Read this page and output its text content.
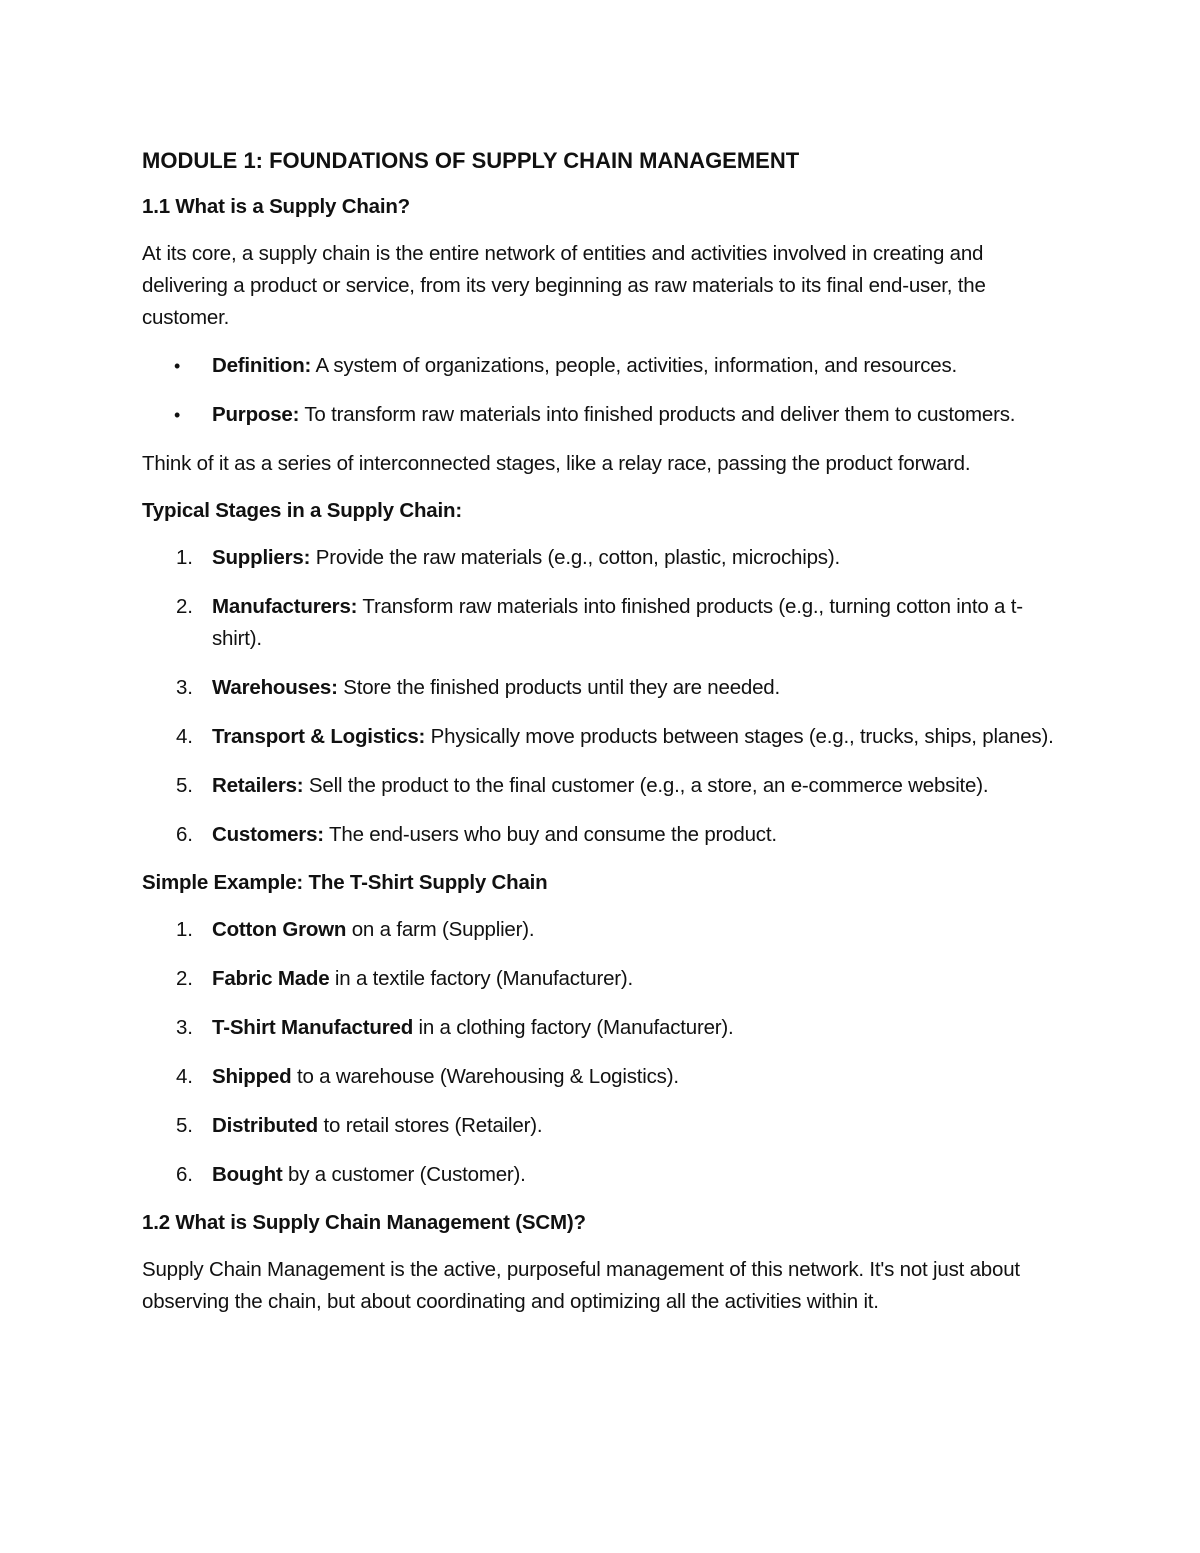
MODULE 1: FOUNDATIONS OF SUPPLY CHAIN MANAGEMENT
1.1 What is a Supply Chain?

At its core, a supply chain is the entire network of entities and activities involved in creating and delivering a product or service, from its very beginning as raw materials to its final end-user, the customer.

• Definition: A system of organizations, people, activities, information, and resources.
• Purpose: To transform raw materials into finished products and deliver them to customers.

Think of it as a series of interconnected stages, like a relay race, passing the product forward.

Typical Stages in a Supply Chain:
1. Suppliers: Provide the raw materials (e.g., cotton, plastic, microchips).
2. Manufacturers: Transform raw materials into finished products (e.g., turning cotton into a t-shirt).
3. Warehouses: Store the finished products until they are needed.
4. Transport & Logistics: Physically move products between stages (e.g., trucks, ships, planes).
5. Retailers: Sell the product to the final customer (e.g., a store, an e-commerce website).
6. Customers: The end-users who buy and consume the product.
Simple Example: The T-Shirt Supply Chain
1. Cotton Grown on a farm (Supplier).
2. Fabric Made in a textile factory (Manufacturer).
3. T-Shirt Manufactured in a clothing factory (Manufacturer).
4. Shipped to a warehouse (Warehousing & Logistics).
5. Distributed to retail stores (Retailer).
6. Bought by a customer (Customer).
1.2 What is Supply Chain Management (SCM)?

Supply Chain Management is the active, purposeful management of this network. It's not just about observing the chain, but about coordinating and optimizing all the activities within it.
